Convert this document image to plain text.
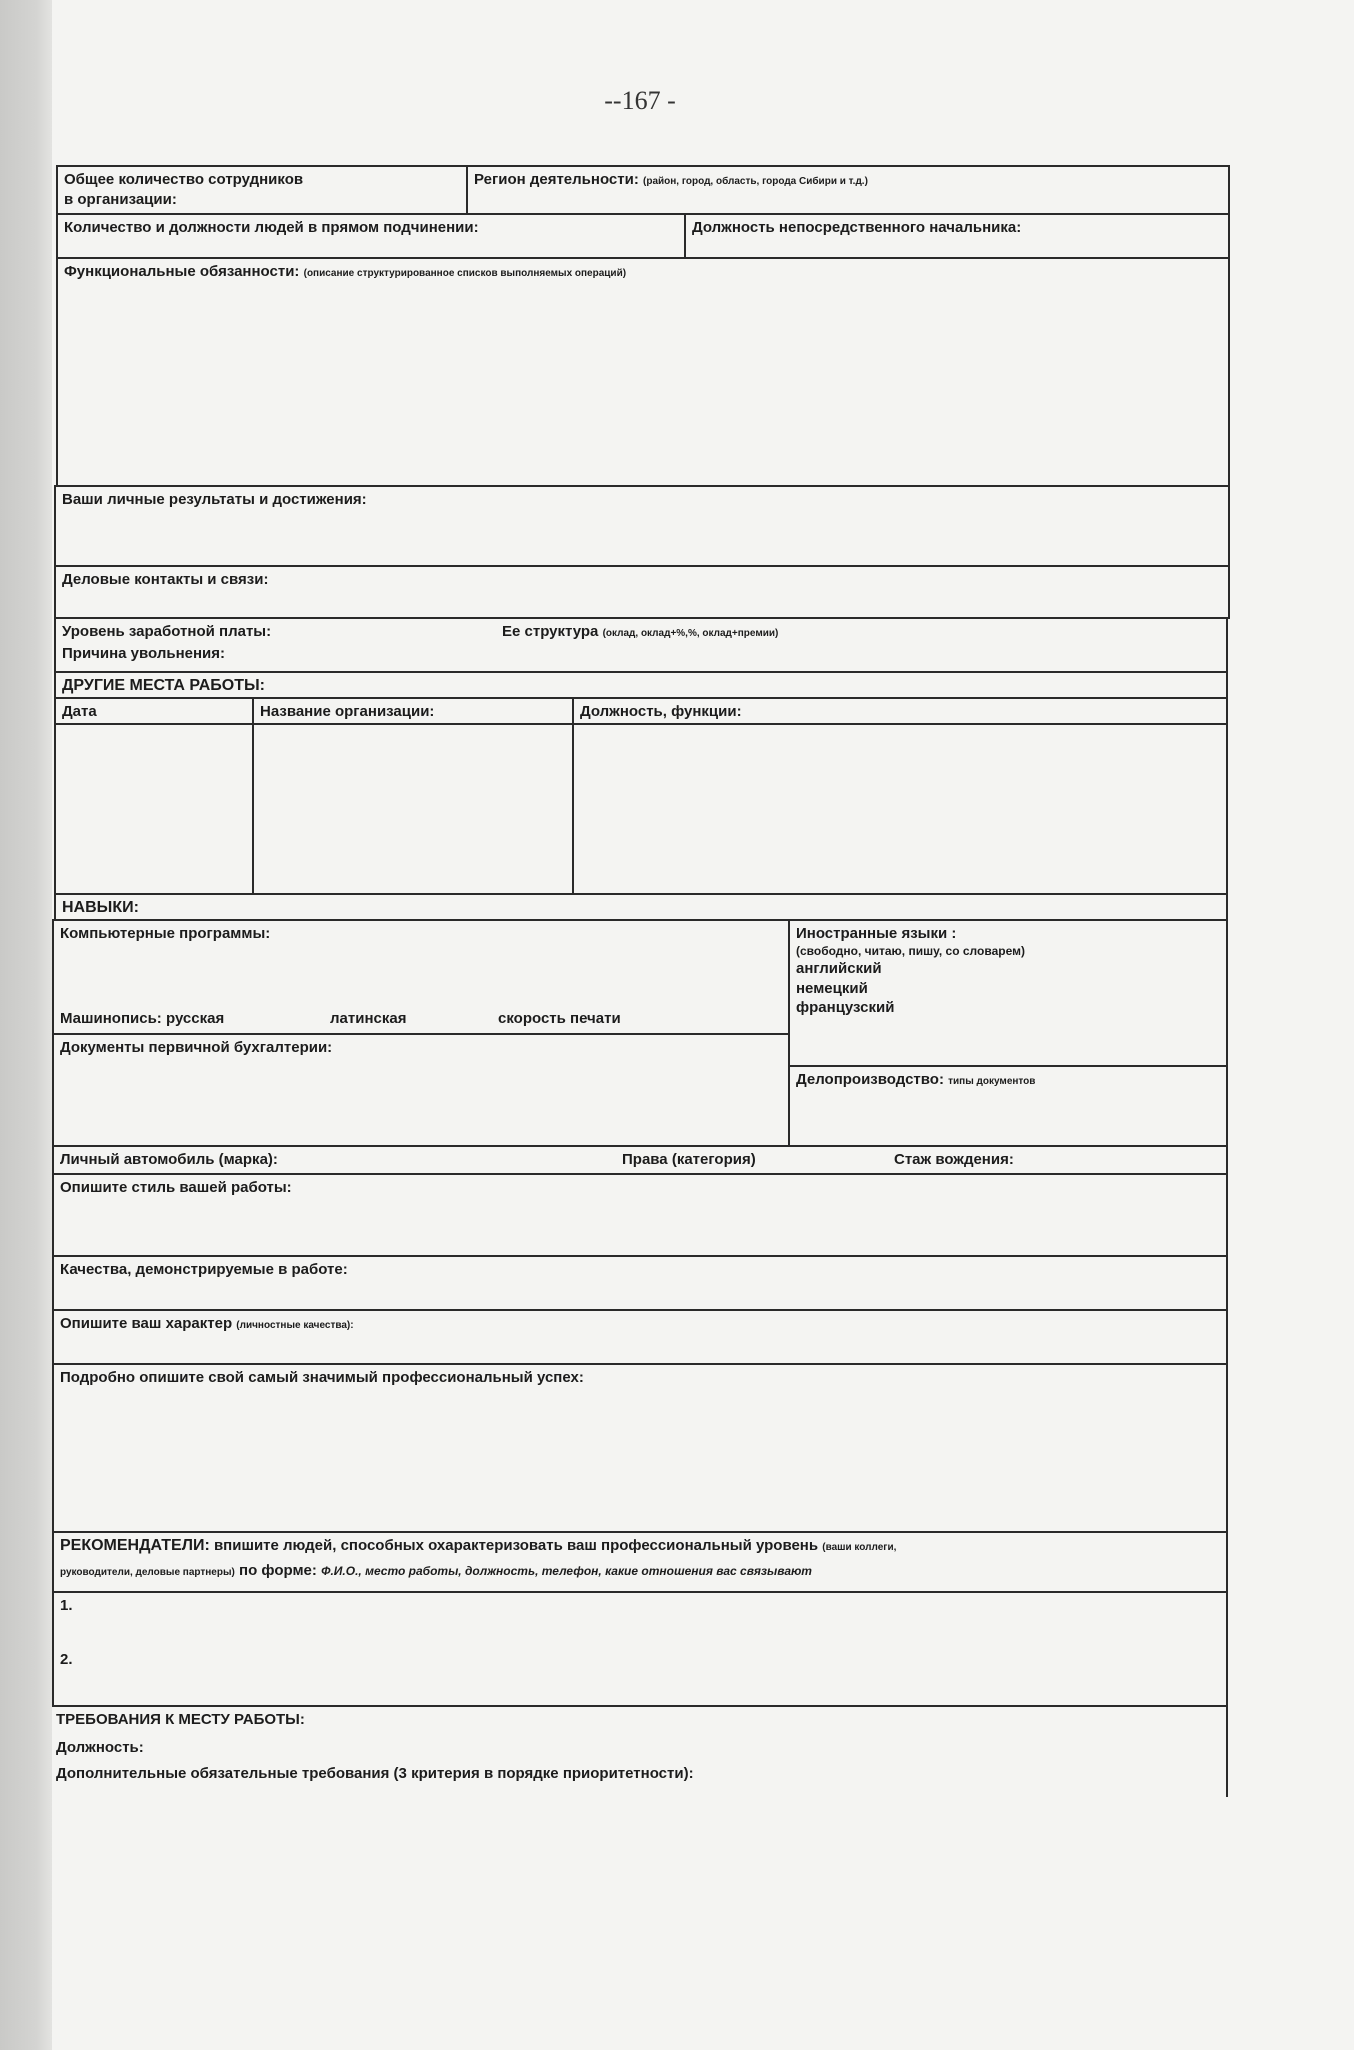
--167 -
Общее количество сотрудников
в организации:
Регион деятельности: (район, город, область, города Сибири и т.д.)
Количество и должности людей в прямом подчинении:	Должность непосредственного начальника:
Функциональные обязанности: (описание структурированное списков выполняемых операций)
Ваши личные результаты и достижения:
Деловые контакты и связи:
Уровень заработной платы:	Ее структура (оклад, оклад+%,%, оклад+премии)
Причина увольнения:
ДРУГИЕ МЕСТА РАБОТЫ:
Дата	Название организации:	Должность, функции:
НАВЫКИ:
Компьютерные программы:
Машинопись: русская	латинская	скорость печати
Иностранные языки :
(свободно, читаю, пишу, со словарем)
английский
немецкий
французский
Документы первичной бухгалтерии:
Делопроизводство: типы документов
Личный автомобиль (марка):	Права (категория)	Стаж вождения:
Опишите стиль вашей работы:
Качества, демонстрируемые в работе:
Опишите ваш характер (личностные качества):
Подробно опишите свой самый значимый профессиональный успех:
РЕКОМЕНДАТЕЛИ: впишите людей, способных охарактеризовать ваш профессиональный уровень (ваши коллеги,
руководители, деловые партнеры) по форме: Ф.И.О., место работы, должность, телефон, какие отношения вас связывают
1.
2.
ТРЕБОВАНИЯ К МЕСТУ РАБОТЫ:
Должность:
Дополнительные обязательные требования (3 критерия в порядке приоритетности):
